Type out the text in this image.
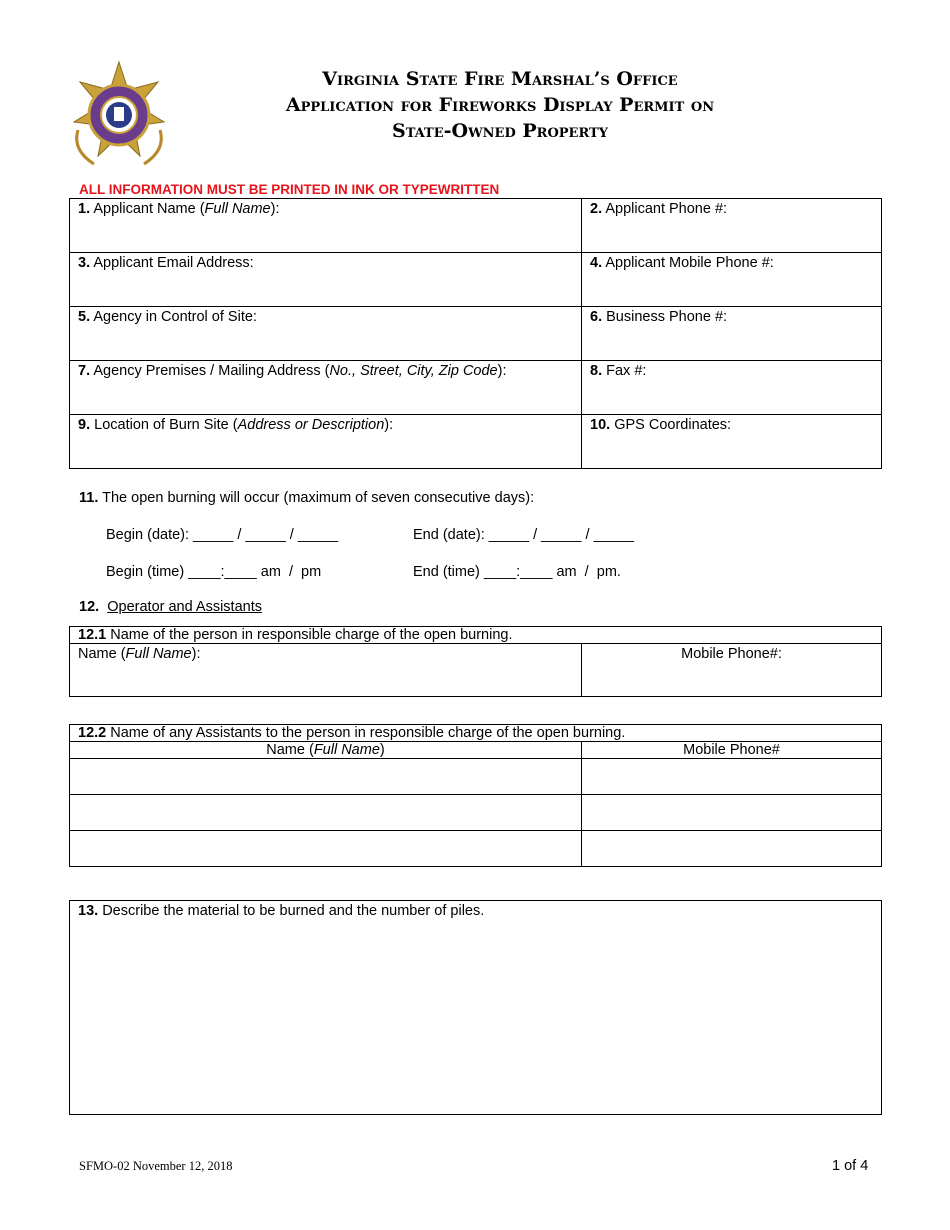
Virginia State Fire Marshal’s Office
Application for Fireworks Display Permit on
State-Owned Property
ALL INFORMATION MUST BE PRINTED IN INK OR TYPEWRITTEN
1. Applicant Name (Full Name):	2. Applicant Phone #:
3. Applicant Email Address:	4. Applicant Mobile Phone #:
5. Agency in Control of Site:	6. Business Phone #:
7. Agency Premises / Mailing Address (No., Street, City, Zip Code):	8. Fax #:
9. Location of Burn Site (Address or Description):	10. GPS Coordinates:
11. The open burning will occur (maximum of seven consecutive days):
Begin (date): _____ / _____ / _____	End (date): _____ / _____ / _____
Begin (time) ____:____ am  /  pm	End (time) ____:____ am  /  pm.
12. Operator and Assistants
12.1 Name of the person in responsible charge of the open burning.
Name (Full Name):	Mobile Phone#:
12.2 Name of any Assistants to the person in responsible charge of the open burning.	
Name (Full Name)	Mobile Phone#

13. Describe the material to be burned and the number of piles.
SFMO-02 November 12, 2018	1 of 4
